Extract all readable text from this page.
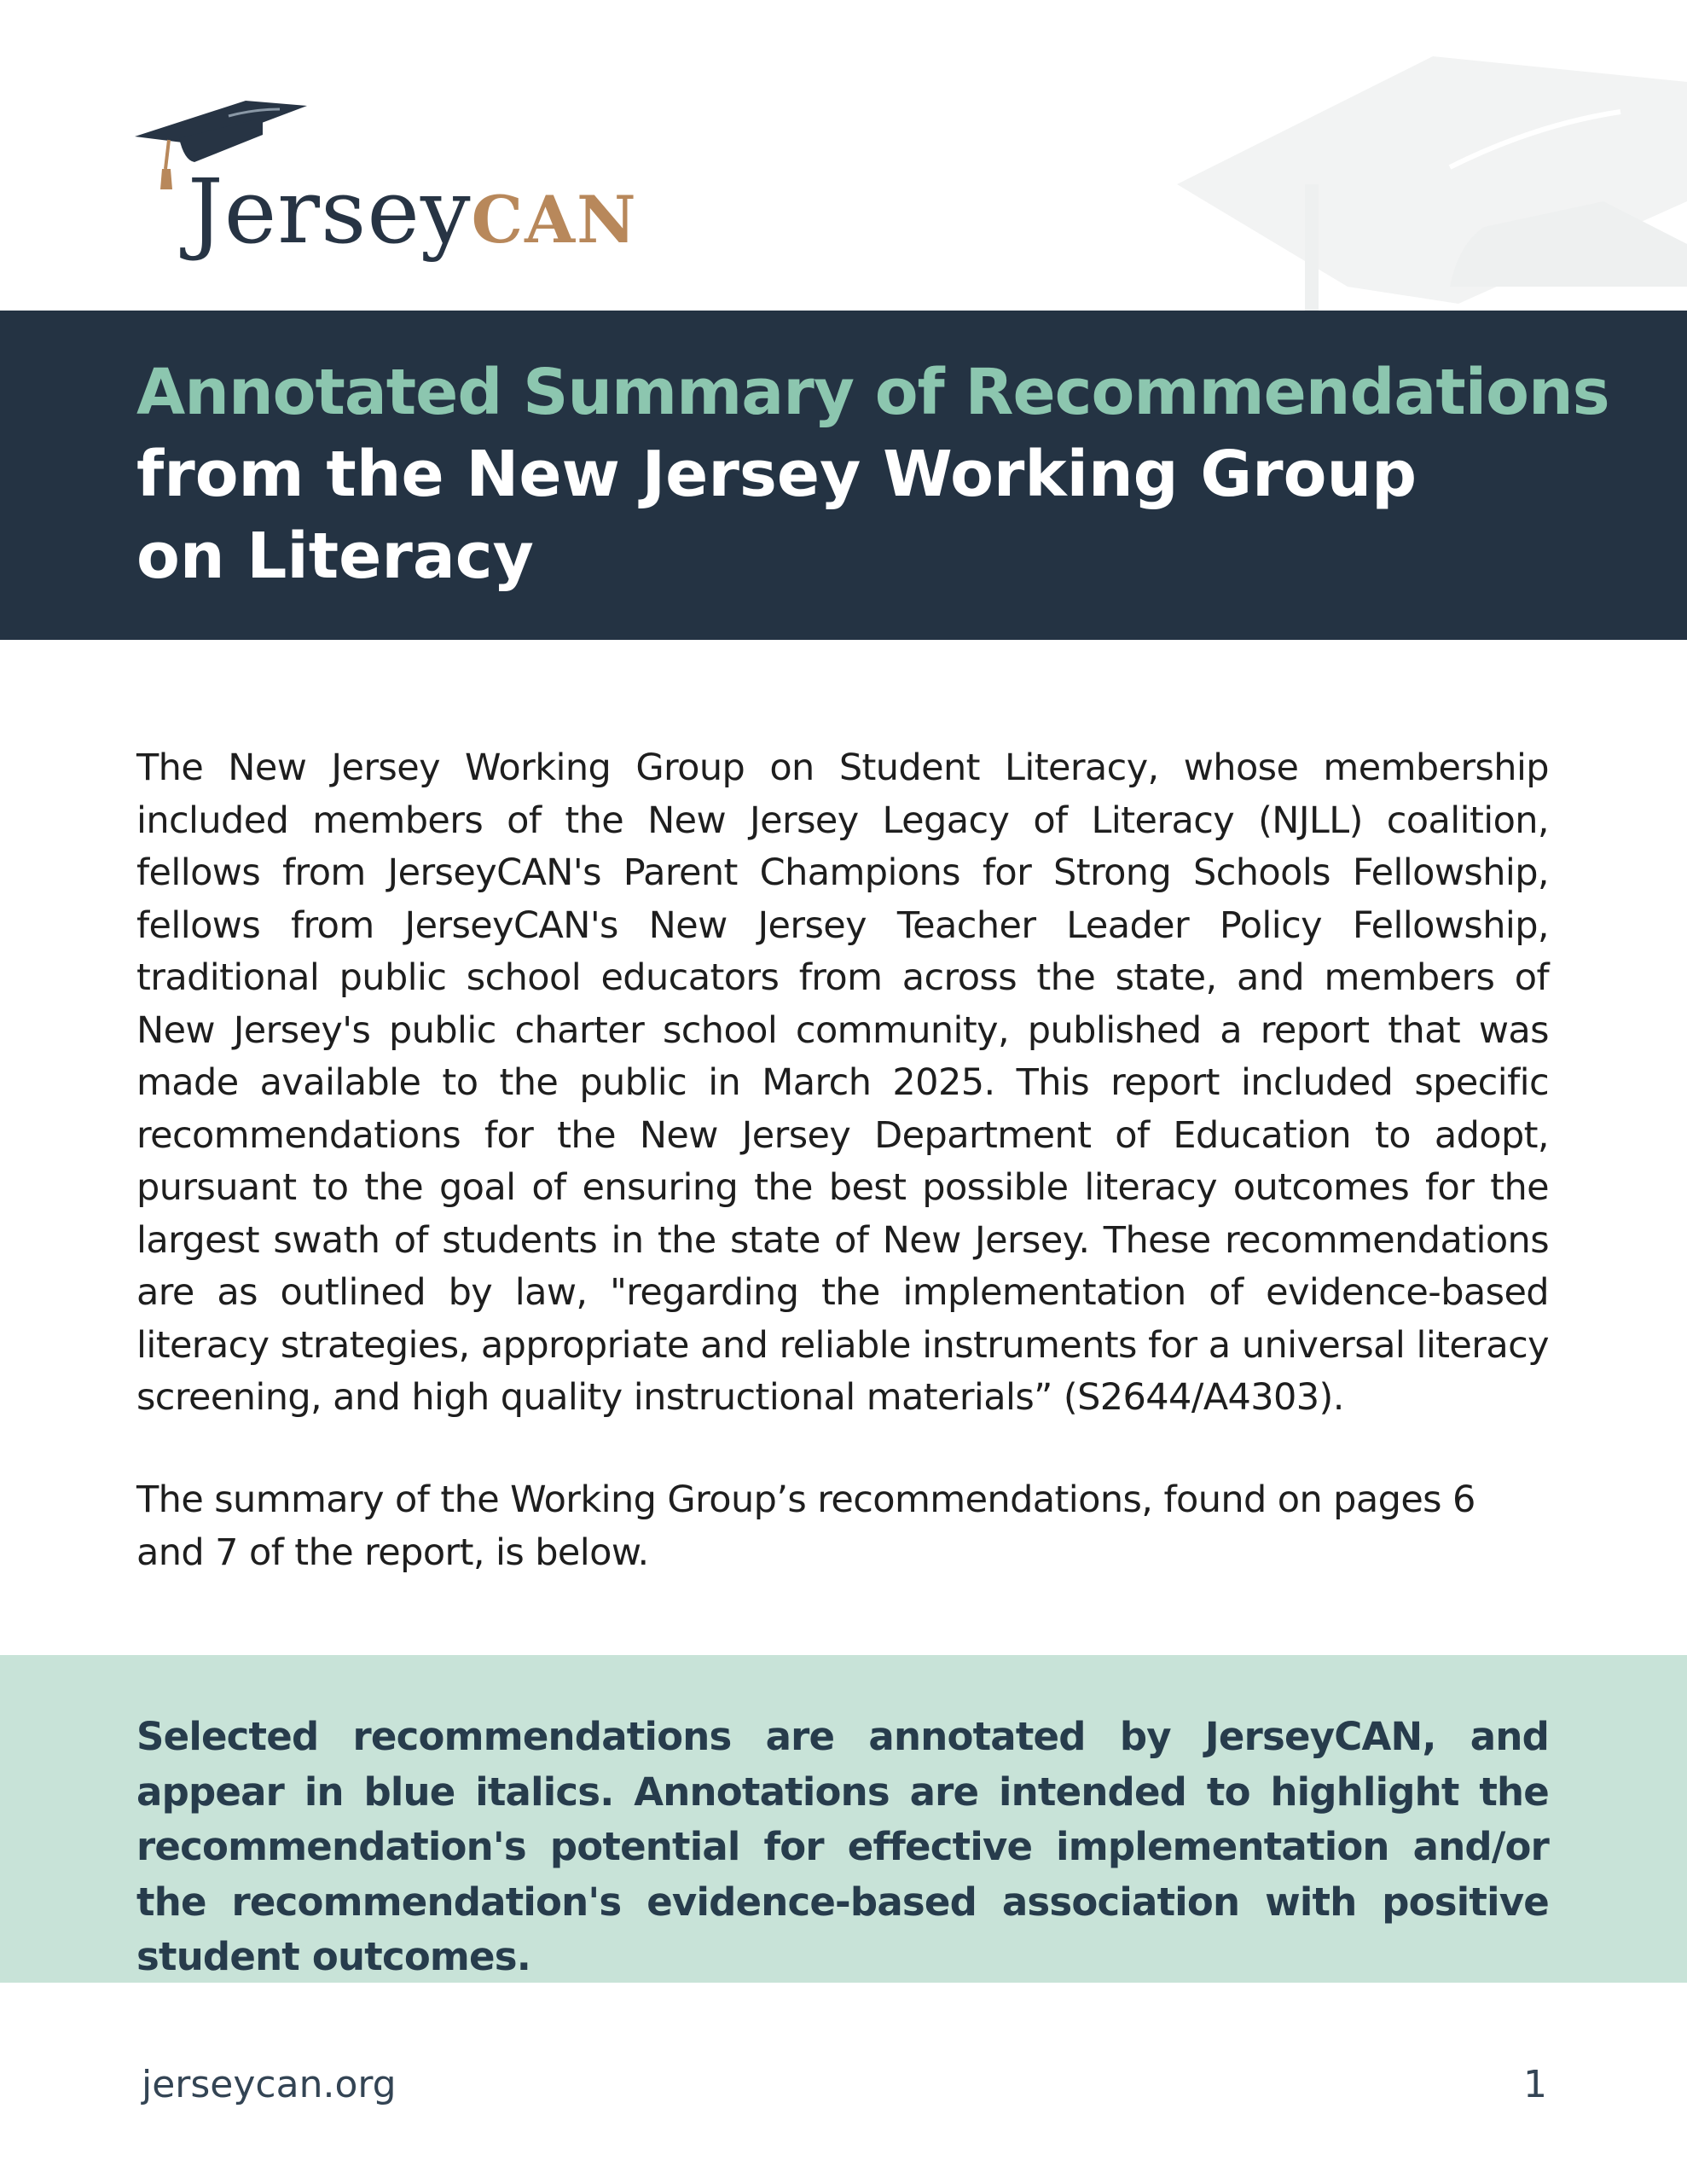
JerseyCAN
Annotated Summary of Recommendations
from the New Jersey Working Group
on Literacy

The New Jersey Working Group on Student Literacy, whose membership included members of the New Jersey Legacy of Literacy (NJLL) coalition, fellows from JerseyCAN's Parent Champions for Strong Schools Fellowship, fellows from JerseyCAN's New Jersey Teacher Leader Policy Fellowship, traditional public school educators from across the state, and members of New Jersey's public charter school community, published a report that was made available to the public in March 2025. This report included specific recommendations for the New Jersey Department of Education to adopt, pursuant to the goal of ensuring the best possible literacy outcomes for the largest swath of students in the state of New Jersey. These recommendations are as outlined by law, "regarding the implementation of evidence-based literacy strategies, appropriate and reliable instruments for a universal literacy screening, and high quality instructional materials” (S2644/A4303).

The summary of the Working Group’s recommendations, found on pages 6 and 7 of the report, is below.

Selected recommendations are annotated by JerseyCAN, and appear in blue italics. Annotations are intended to highlight the recommendation's potential for effective implementation and/or the recommendation's evidence-based association with positive student outcomes.

jerseycan.org	1
